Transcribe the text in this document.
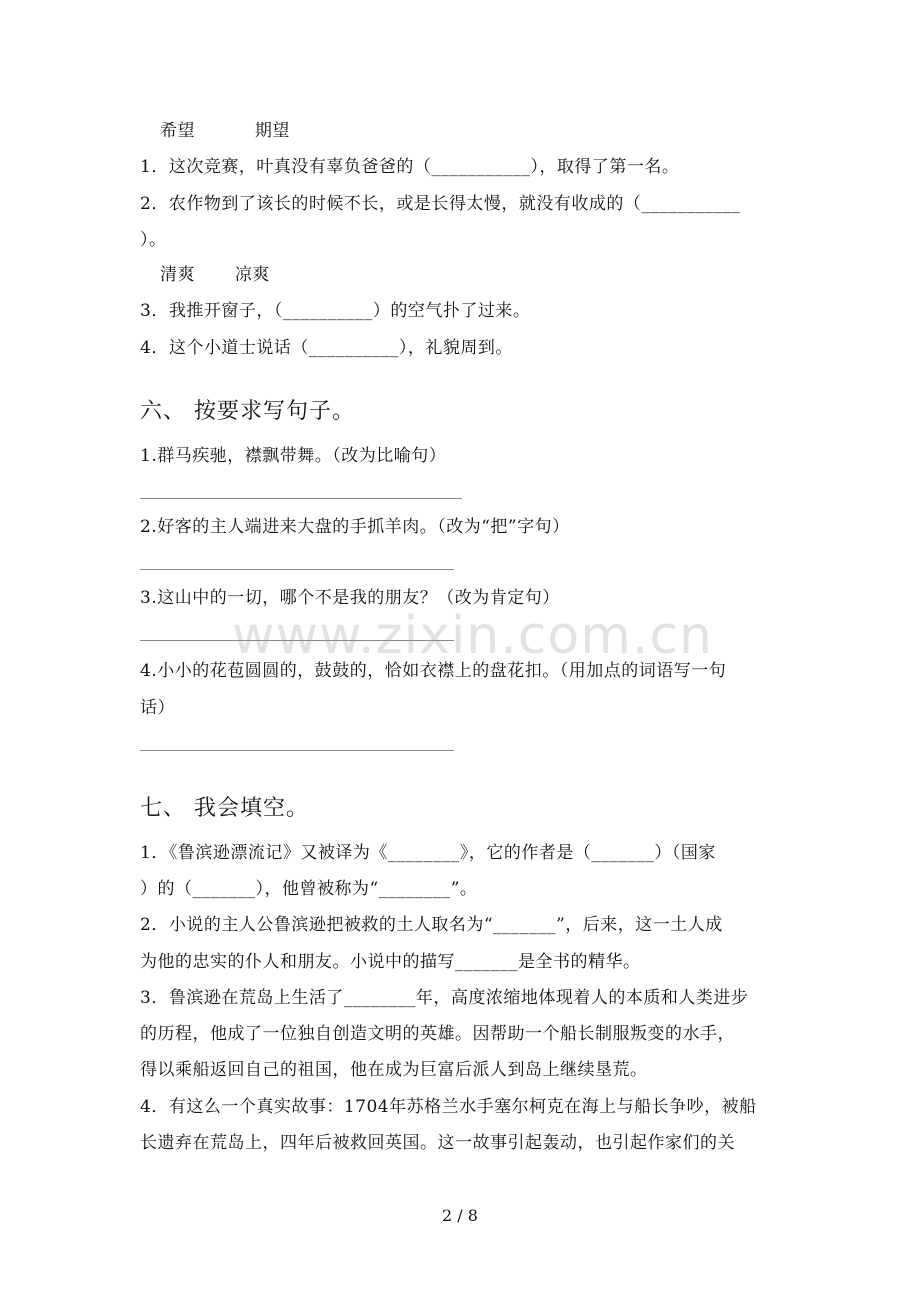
希望	期望
1．这次竞赛，叶真没有辜负爸爸的（___________），取得了第一名。
2．农作物到了该长的时候不长，或是长得太慢，就没有收成的（___________
）。
清爽 凉爽
3．我推开窗子，（__________）的空气扑了过来。
4．这个小道士说话（__________），礼貌周到。
六、 按要求写句子。
1.群马疾驰，襟飘带舞。（改为比喻句）
2.好客的主人端进来大盘的手抓羊肉。（改为“把”字句）
3.这山中的一切，哪个不是我的朋友？（改为肯定句）
4.小小的花苞圆圆的，鼓鼓的，恰如衣襟上的盘花扣。（用加点的词语写一句
话）
七、 我会填空。
1．《鲁滨逊漂流记》又被译为《________》，它的作者是（_______）（国家
）的（_______），他曾被称为“________”。
2．小说的主人公鲁滨逊把被救的土人取名为“_______”，后来，这一土人成
为他的忠实的仆人和朋友。小说中的描写_______是全书的精华。
3．鲁滨逊在荒岛上生活了________年，高度浓缩地体现着人的本质和人类进步
的历程，他成了一位独自创造文明的英雄。因帮助一个船长制服叛变的水手，
得以乘船返回自己的祖国，他在成为巨富后派人到岛上继续垦荒。
4．有这么一个真实故事：1704年苏格兰水手塞尔柯克在海上与船长争吵，被船
长遗弃在荒岛上，四年后被救回英国。这一故事引起轰动，也引起作家们的关
www.zixin.com.cn
2 / 8
